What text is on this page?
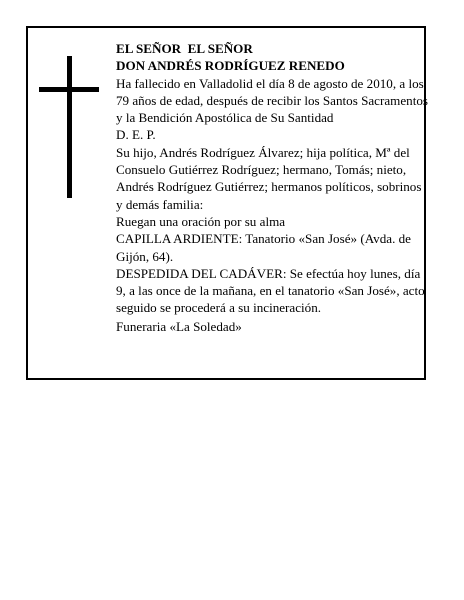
EL SEÑOR  EL SEÑOR

DON ANDRÉS RODRÍGUEZ RENEDO

Ha fallecido en Valladolid el día 8 de agosto de 2010, a los 79 años de edad, después de recibir los Santos Sacramentos y la Bendición Apostólica de Su Santidad

D. E. P.

Su hijo, Andrés Rodríguez Álvarez; hija política, Mª del Consuelo Gutiérrez Rodríguez; hermano, Tomás; nieto, Andrés Rodríguez Gutiérrez; hermanos políticos, sobrinos y demás familia:

Ruegan una oración por su alma

CAPILLA ARDIENTE: Tanatorio «San José» (Avda. de Gijón, 64).

DESPEDIDA DEL CADÁVER: Se efectúa hoy lunes, día 9, a las once de la mañana, en el tanatorio «San José», acto seguido se procederá a su incineración.

Funeraria «La Soledad»
